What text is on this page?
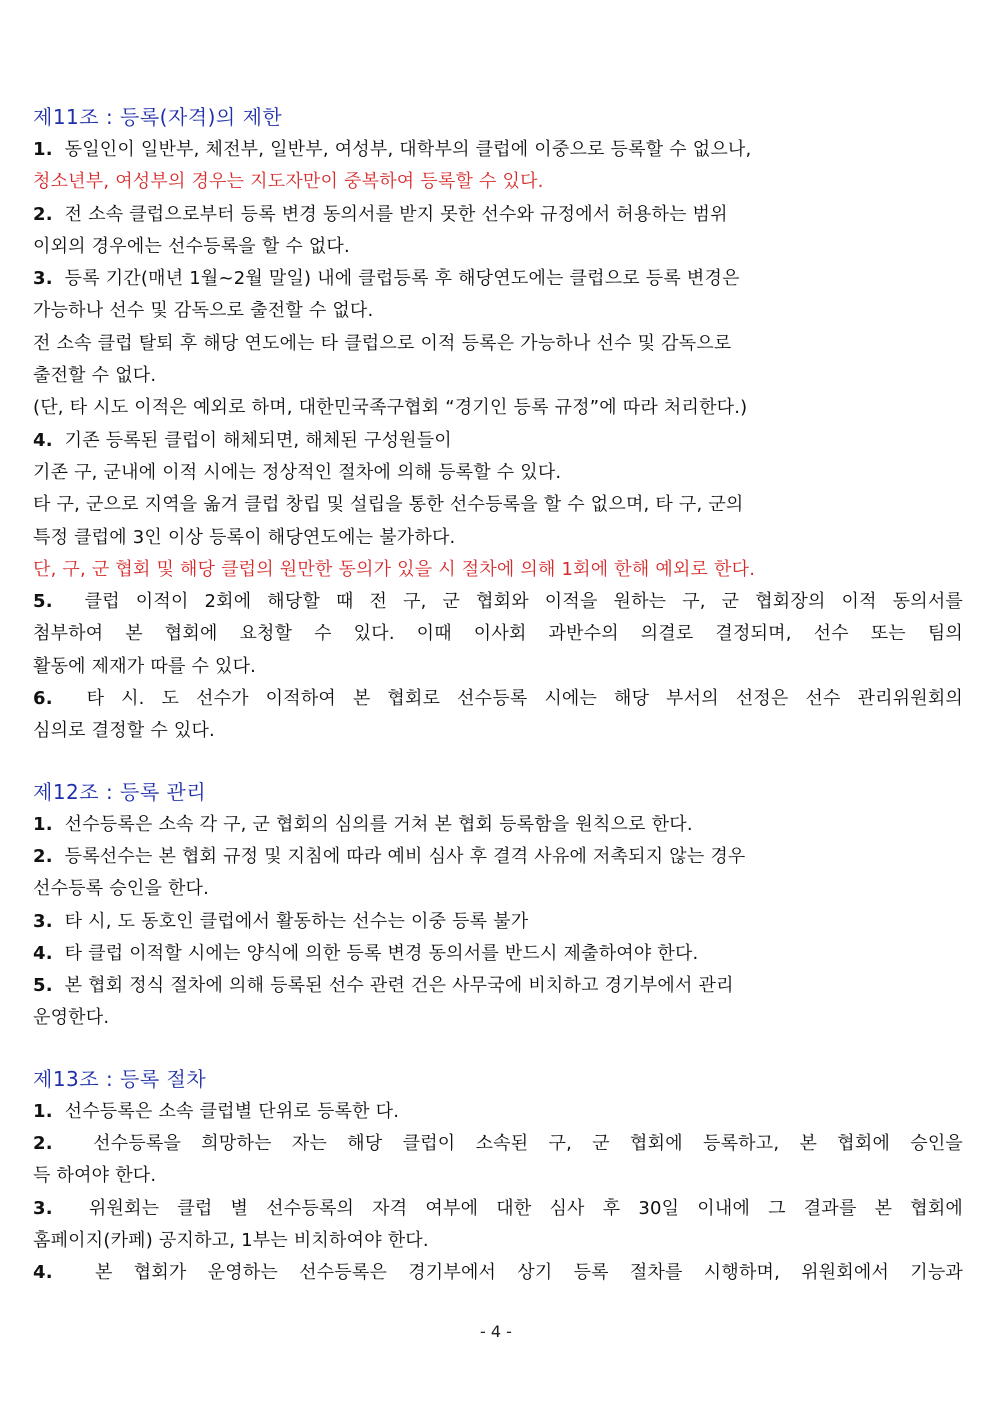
제11조 : 등록(자격)의 제한
1. 동일인이 일반부, 체전부, 일반부, 여성부, 대학부의 클럽에 이중으로 등록할 수 없으나,
청소년부, 여성부의 경우는 지도자만이 중복하여 등록할 수 있다.
2. 전 소속 클럽으로부터 등록 변경 동의서를 받지 못한 선수와 규정에서 허용하는 범위
이외의 경우에는 선수등록을 할 수 없다.
3. 등록 기간(매년 1월~2월 말일) 내에 클럽등록 후 해당연도에는 클럽으로 등록 변경은
가능하나 선수 및 감독으로 출전할 수 없다.
전 소속 클럽 탈퇴 후 해당 연도에는 타 클럽으로 이적 등록은 가능하나 선수 및 감독으로
출전할 수 없다.
(단, 타 시도 이적은 예외로 하며, 대한민국족구협회 “경기인 등록 규정”에 따라 처리한다.)
4. 기존 등록된 클럽이 해체되면, 해체된 구성원들이
기존 구, 군내에 이적 시에는 정상적인 절차에 의해 등록할 수 있다.
타 구, 군으로 지역을 옮겨 클럽 창립 및 설립을 통한 선수등록을 할 수 없으며, 타 구, 군의
특정 클럽에 3인 이상 등록이 해당연도에는 불가하다.
단, 구, 군 협회 및 해당 클럽의 원만한 동의가 있을 시 절차에 의해 1회에 한해 예외로 한다.
5. 클럽 이적이 2회에 해당할 때 전 구, 군 협회와 이적을 원하는 구, 군 협회장의 이적 동의서를
첨부하여 본 협회에 요청할 수 있다. 이때 이사회 과반수의 의결로 결정되며, 선수 또는 팀의
활동에 제재가 따를 수 있다.
6. 타 시. 도 선수가 이적하여 본 협회로 선수등록 시에는 해당 부서의 선정은 선수 관리위원회의
심의로 결정할 수 있다.
제12조 : 등록 관리
1. 선수등록은 소속 각 구, 군 협회의 심의를 거쳐 본 협회 등록함을 원칙으로 한다.
2. 등록선수는 본 협회 규정 및 지침에 따라 예비 심사 후 결격 사유에 저촉되지 않는 경우
선수등록 승인을 한다.
3. 타 시, 도 동호인 클럽에서 활동하는 선수는 이중 등록 불가
4. 타 클럽 이적할 시에는 양식에 의한 등록 변경 동의서를 반드시 제출하여야 한다.
5. 본 협회 정식 절차에 의해 등록된 선수 관련 건은 사무국에 비치하고 경기부에서 관리
운영한다.
제13조 : 등록 절차
1. 선수등록은 소속 클럽별 단위로 등록한 다.
2. 선수등록을 희망하는 자는 해당 클럽이 소속된 구, 군 협회에 등록하고, 본 협회에 승인을
득 하여야 한다.
3. 위원회는 클럽 별 선수등록의 자격 여부에 대한 심사 후 30일 이내에 그 결과를 본 협회에
홈페이지(카페) 공지하고, 1부는 비치하여야 한다.
4. 본 협회가 운영하는 선수등록은 경기부에서 상기 등록 절차를 시행하며, 위원회에서 기능과
- 4 -
